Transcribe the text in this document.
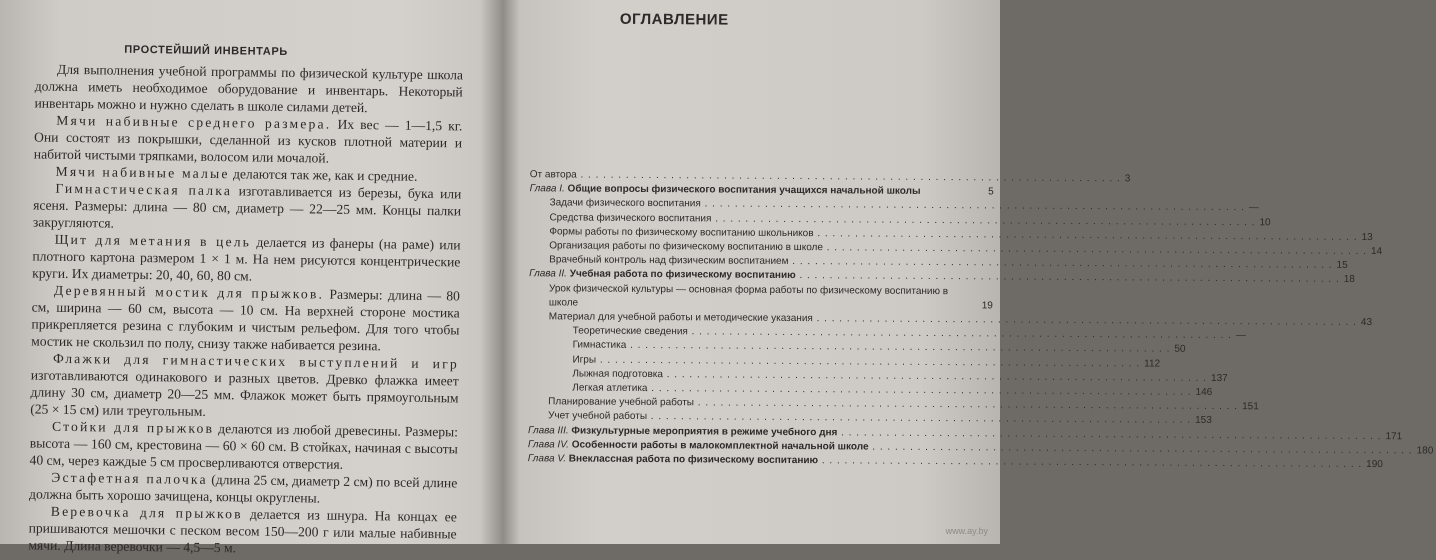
ПРОСТЕЙШИЙ ИНВЕНТАРЬ

Для выполнения учебной программы по физической культуре школа должна иметь необходимое оборудование и инвентарь. Некоторый инвентарь можно и нужно сделать в школе силами детей.

Мячи набивные среднего размера. Их вес — 1—1,5 кг. Они состоят из покрышки, сделанной из кусков плотной материи и набитой чистыми тряпками, волосом или мочалой.

Мячи набивные малые делаются так же, как и средние.

Гимнастическая палка изготавливается из березы, бука или ясеня. Размеры: длина — 80 см, диаметр — 22—25 мм. Концы палки закругляются.

Щит для метания в цель делается из фанеры (на раме) или плотного картона размером 1 × 1 м. На нем рисуются концентрические круги. Их диаметры: 20, 40, 60, 80 см.

Деревянный мостик для прыжков. Размеры: длина — 80 см, ширина — 60 см, высота — 10 см. На верхней стороне мостика прикрепляется резина с глубоким и чистым рельефом. Для того чтобы мостик не скользил по полу, снизу также набивается резина.

Флажки для гимнастических выступлений и игр изготавливаются одинакового и разных цветов. Древко флажка имеет длину 30 см, диаметр 20—25 мм. Флажок может быть прямоугольным (25 × 15 см) или треугольным.

Стойки для прыжков делаются из любой древесины. Размеры: высота — 160 см, крестовина — 60 × 60 см. В стойках, начиная с высоты 40 см, через каждые 5 см просверливаются отверстия.

Эстафетная палочка (длина 25 см, диаметр 2 см) по всей длине должна быть хорошо зачищена, концы округлены.

Веревочка для прыжков делается из шнура. На концах ее пришиваются мешочки с песком весом 150—200 г или малые набивные мячи. Длина веревочки — 4,5—5 м.

ОГЛАВЛЕНИЕ
От автора . . .	3
Глава I. Общие вопросы физического воспитания учащихся начальной школы	5
Задачи физического воспитания . . .	—
Средства физического воспитания . . .	10
Формы работы по физическому воспитанию школьников . . .	13
Организация работы по физическому воспитанию в школе . . .	14
Врачебный контроль над физическим воспитанием . . .	15
Глава II. Учебная работа по физическому воспитанию . . .	18
Урок физической культуры — основная форма работы по физическому воспитанию в школе	19
Материал для учебной работы и методические указания . . .	43
Теоретические сведения . . .	—
Гимнастика . . .	50
Игры . . .	112
Лыжная подготовка . . .	137
Легкая атлетика . . .	146
Планирование учебной работы . . .	151
Учет учебной работы . . .	153
Глава III. Физкультурные мероприятия в режиме учебного дня . . .	171
Глава IV. Особенности работы в малокомплектной начальной школе . . .	180
Глава V. Внеклассная работа по физическому воспитанию . . .	190
www.ay.by
